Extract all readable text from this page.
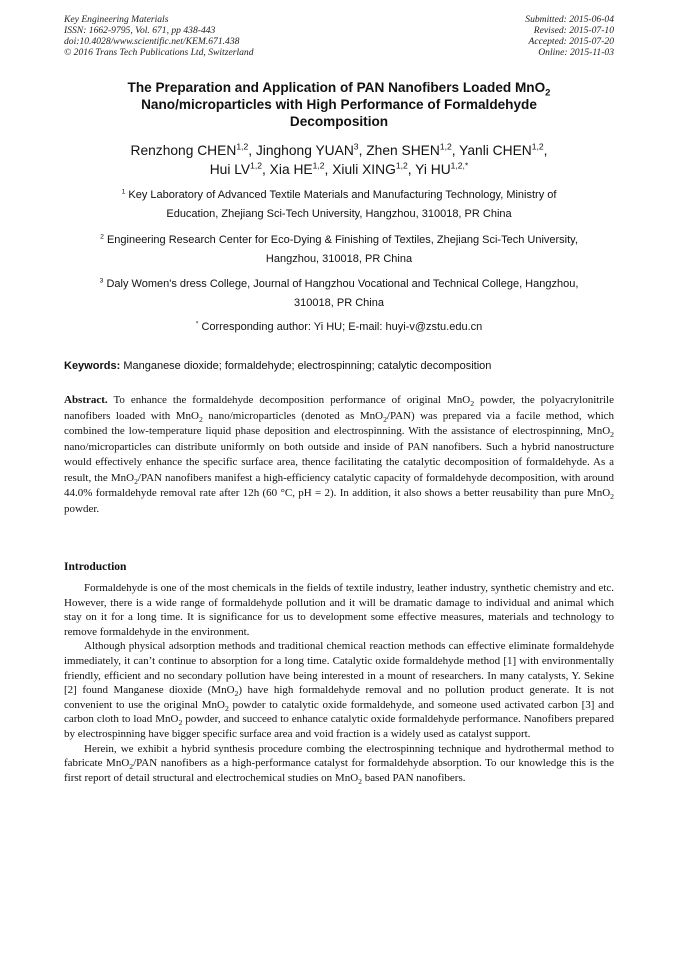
Key Engineering Materials
ISSN: 1662-9795, Vol. 671, pp 438-443
doi:10.4028/www.scientific.net/KEM.671.438
© 2016 Trans Tech Publications Ltd, Switzerland
Submitted: 2015-06-04
Revised: 2015-07-10
Accepted: 2015-07-20
Online: 2015-11-03
The Preparation and Application of PAN Nanofibers Loaded MnO$_2$
Nano/microparticles with High Performance of Formaldehyde
Decomposition
Renzhong CHEN$^{1,2}$, Jinghong YUAN$^3$, Zhen SHEN$^{1,2}$, Yanli CHEN$^{1,2}$,
Hui LV$^{1,2}$, Xia HE$^{1,2}$, Xiuli XING$^{1,2}$, Yi $HU^{1,2,*}$
$^1$ Key Laboratory of Advanced Textile Materials and Manufacturing Technology, Ministry of
Education, Zhejiang Sci-Tech University, Hangzhou, 310018, PR China
$^2$ Engineering Research Center for Eco-Dying & Finishing of Textiles, Zhejiang Sci-Tech University,
Hangzhou, 310018, PR China
$^3$ Daly Women's dress College, Journal of Hangzhou Vocational and Technical College, Hangzhou,
310018, PR China
* Corresponding author: Yi HU; E-mail: huyi-v@zstu.edu.cn
Keywords: Manganese dioxide; formaldehyde; electrospinning; catalytic decomposition
Abstract. To enhance the formaldehyde decomposition performance of original MnO$_2$ powder, the polyacrylonitrile nanofibers loaded with MnO$_2$ nano/microparticles (denoted as MnO$_2$/PAN) was prepared via a facile method, which combined the low-temperature liquid phase deposition and electrospinning. With the assistance of electrospinning, MnO$_2$ nano/microparticles can distribute uniformly on both outside and inside of PAN nanofibers. Such a hybrid nanostructure would effectively enhance the specific surface area, thence facilitating the catalytic decomposition of formaldehyde. As a result, the MnO$_2$/PAN nanofibers manifest a high-efficiency catalytic capacity of formaldehyde decomposition, with around 44.0% formaldehyde removal rate after 12h (60 °C, pH = 2). In addition, it also shows a better reusability than pure MnO$_2$ powder.
Introduction

Formaldehyde is one of the most chemicals in the fields of textile industry, leather industry, synthetic chemistry and etc. However, there is a wide range of formaldehyde pollution and it will be dramatic damage to individual and animal which stay on it for a long time. It is significance for us to development some effective measures, materials and technology to remove formaldehyde in the environment.

Although physical adsorption methods and traditional chemical reaction methods can effective eliminate formaldehyde immediately, it can’t continue to absorption for a long time. Catalytic oxide formaldehyde method [1] with environmentally friendly, efficient and no secondary pollution have being interested in a mount of researchers. In many catalysts, Y. Sekine [2] found Manganese dioxide (MnO$_2$) have high formaldehyde removal and no pollution product generate. It is not convenient to use the original MnO$_2$ powder to catalytic oxide formaldehyde, and someone used activated carbon [3] and carbon cloth to load MnO$_2$ powder, and succeed to enhance catalytic oxide formaldehyde performance. Nanofibers prepared by electrospinning have bigger specific surface area and void fraction is a widely used as catalyst support.

Herein, we exhibit a hybrid synthesis procedure combing the electrospinning technique and hydrothermal method to fabricate MnO$_2$/PAN nanofibers as a high-performance catalyst for formaldehyde absorption. To our knowledge this is the first report of detail structural and electrochemical studies on MnO$_2$ based PAN nanofibers.
